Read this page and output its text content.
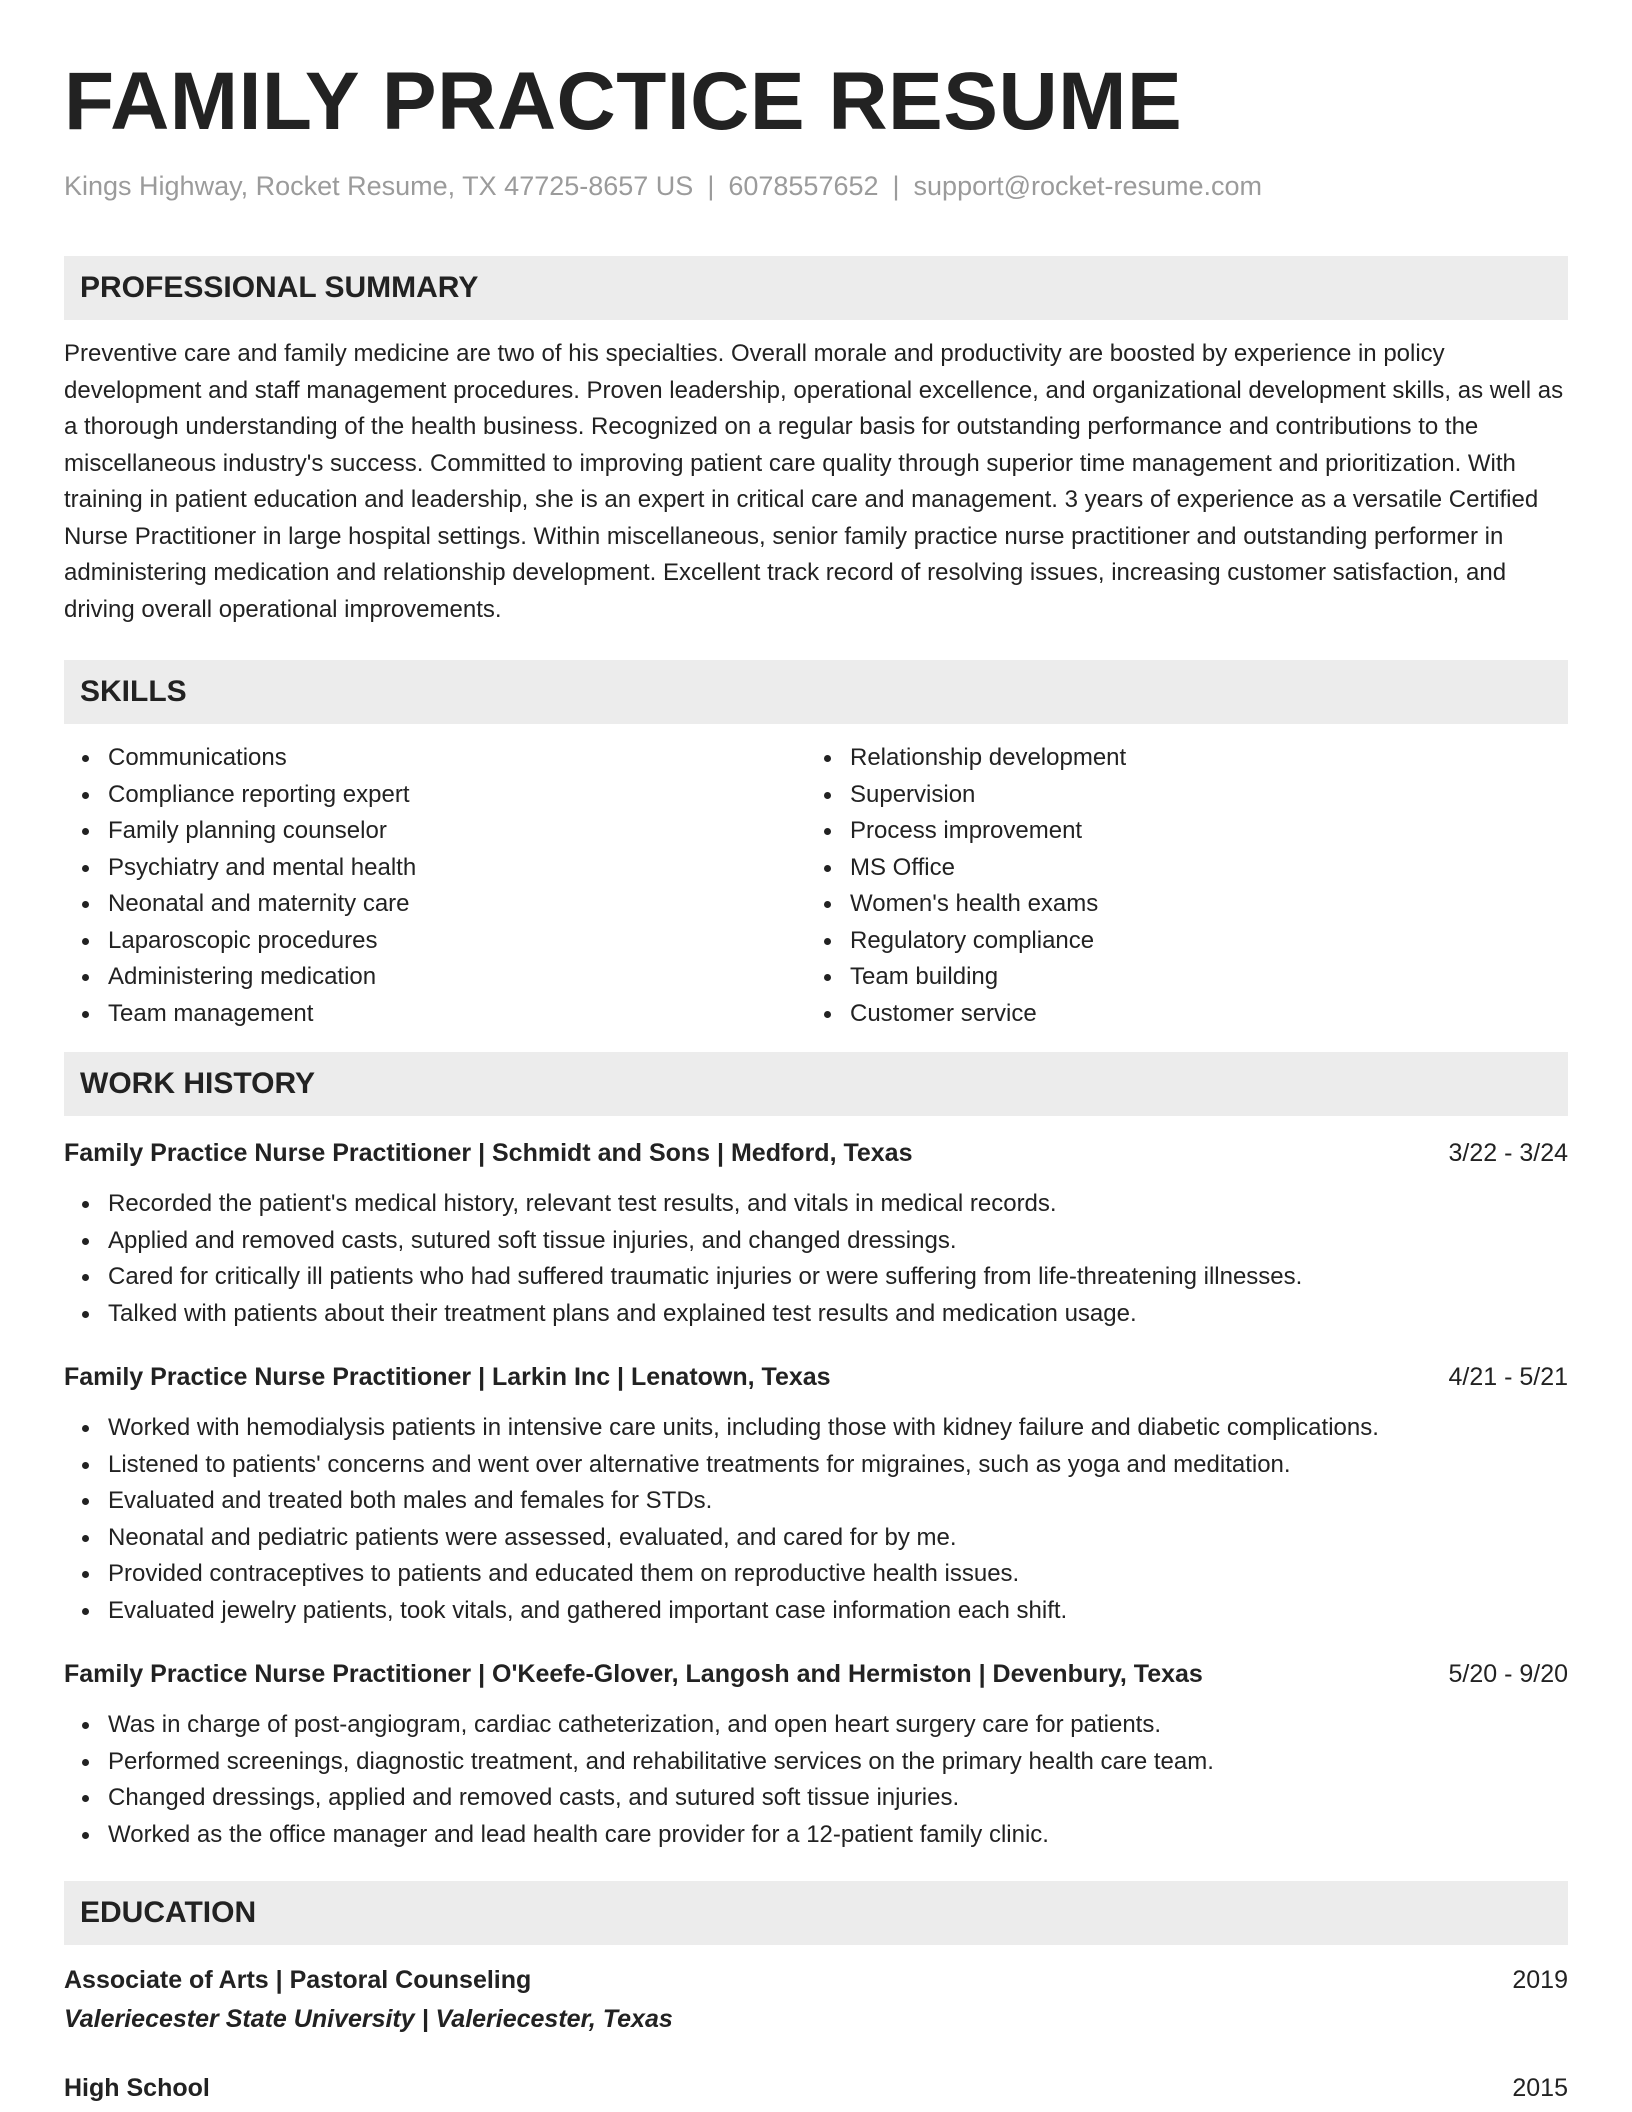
FAMILY PRACTICE RESUME
Kings Highway, Rocket Resume, TX 47725-8657 US | 6078557652 | support@rocket-resume.com
PROFESSIONAL SUMMARY
Preventive care and family medicine are two of his specialties. Overall morale and productivity are boosted by experience in policy development and staff management procedures. Proven leadership, operational excellence, and organizational development skills, as well as a thorough understanding of the health business. Recognized on a regular basis for outstanding performance and contributions to the miscellaneous industry's success. Committed to improving patient care quality through superior time management and prioritization. With training in patient education and leadership, she is an expert in critical care and management. 3 years of experience as a versatile Certified Nurse Practitioner in large hospital settings. Within miscellaneous, senior family practice nurse practitioner and outstanding performer in administering medication and relationship development. Excellent track record of resolving issues, increasing customer satisfaction, and driving overall operational improvements.
SKILLS
Communications
Compliance reporting expert
Family planning counselor
Psychiatry and mental health
Neonatal and maternity care
Laparoscopic procedures
Administering medication
Team management
Relationship development
Supervision
Process improvement
MS Office
Women's health exams
Regulatory compliance
Team building
Customer service
WORK HISTORY
Family Practice Nurse Practitioner | Schmidt and Sons | Medford, Texas	3/22 - 3/24
Recorded the patient's medical history, relevant test results, and vitals in medical records.
Applied and removed casts, sutured soft tissue injuries, and changed dressings.
Cared for critically ill patients who had suffered traumatic injuries or were suffering from life-threatening illnesses.
Talked with patients about their treatment plans and explained test results and medication usage.
Family Practice Nurse Practitioner | Larkin Inc | Lenatown, Texas	4/21 - 5/21
Worked with hemodialysis patients in intensive care units, including those with kidney failure and diabetic complications.
Listened to patients' concerns and went over alternative treatments for migraines, such as yoga and meditation.
Evaluated and treated both males and females for STDs.
Neonatal and pediatric patients were assessed, evaluated, and cared for by me.
Provided contraceptives to patients and educated them on reproductive health issues.
Evaluated jewelry patients, took vitals, and gathered important case information each shift.
Family Practice Nurse Practitioner | O'Keefe-Glover, Langosh and Hermiston | Devenbury, Texas	5/20 - 9/20
Was in charge of post-angiogram, cardiac catheterization, and open heart surgery care for patients.
Performed screenings, diagnostic treatment, and rehabilitative services on the primary health care team.
Changed dressings, applied and removed casts, and sutured soft tissue injuries.
Worked as the office manager and lead health care provider for a 12-patient family clinic.
EDUCATION
Associate of Arts | Pastoral Counseling	2019
Valeriecester State University | Valeriecester, Texas
High School	2015
